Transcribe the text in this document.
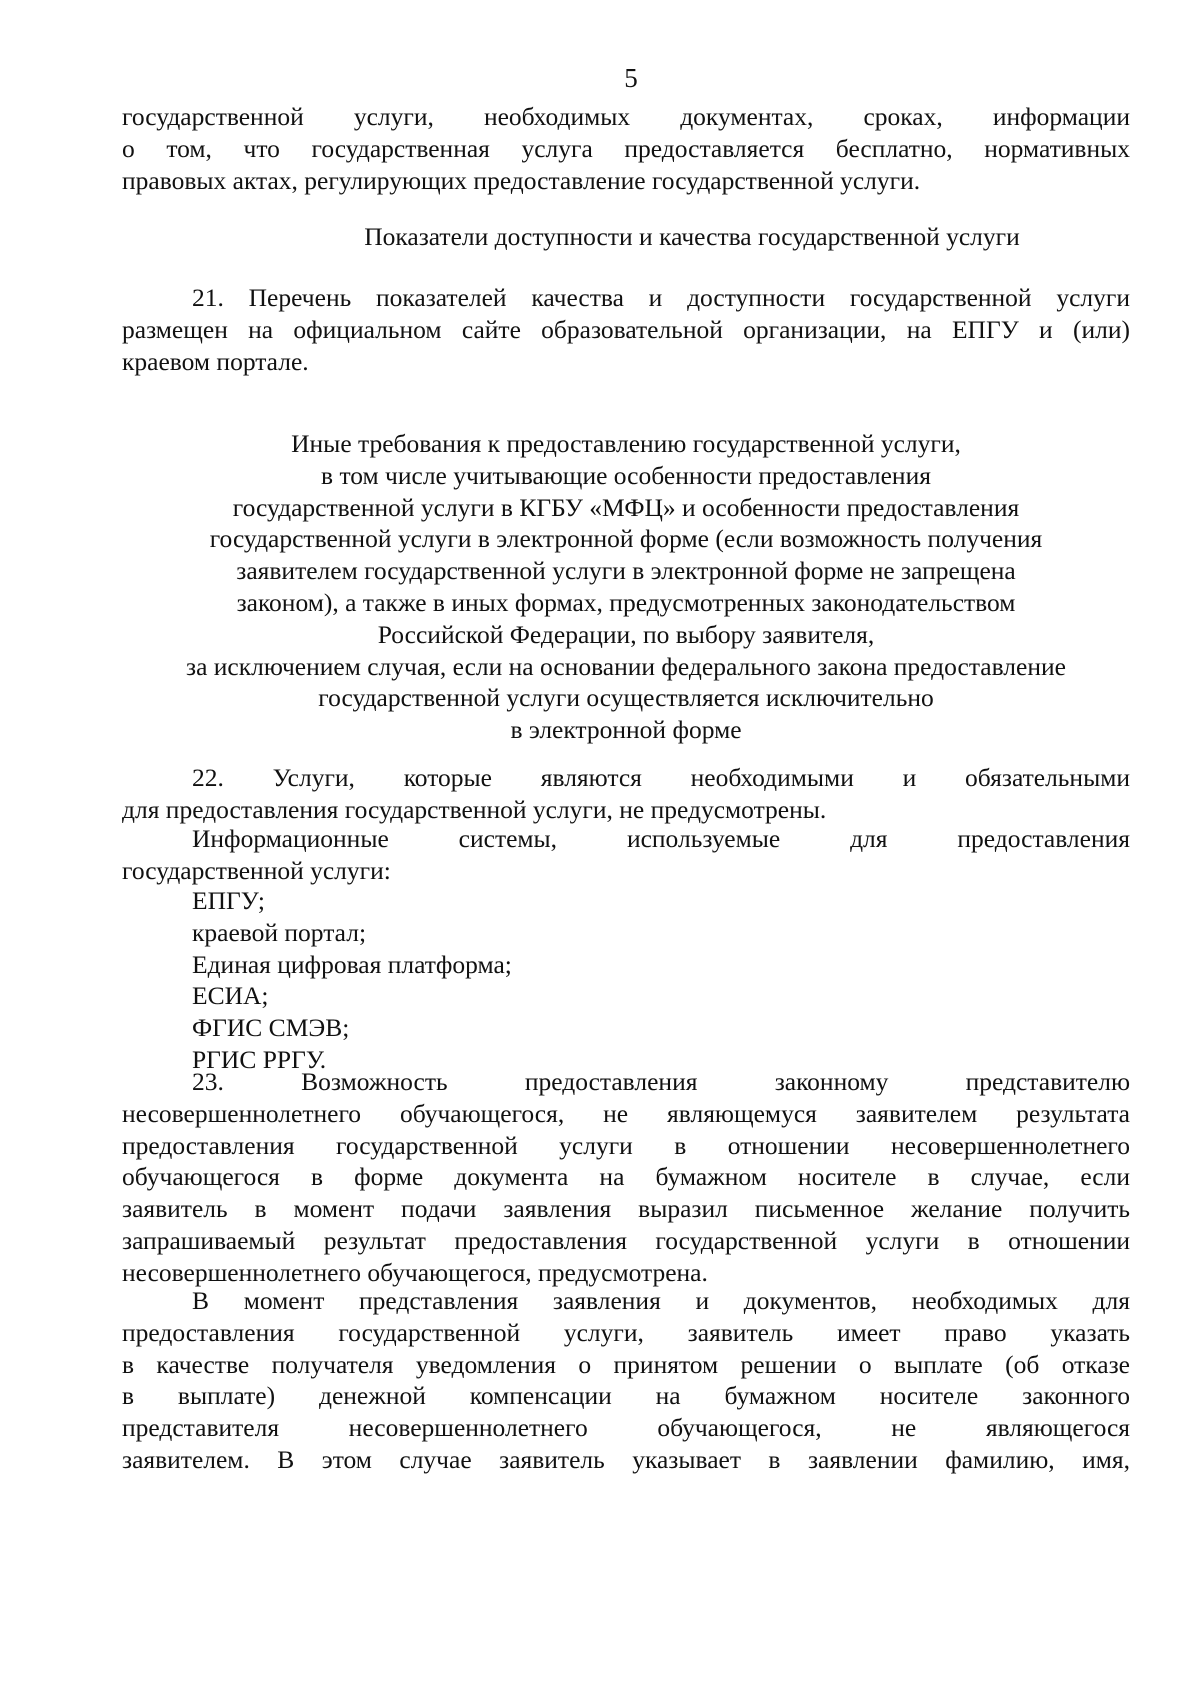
5
государственной услуги, необходимых документах, сроках, информации
о том, что государственная услуга предоставляется бесплатно, нормативных
правовых актах, регулирующих предоставление государственной услуги.
Показатели доступности и качества государственной услуги
21. Перечень показателей качества и доступности государственной услуги
размещен на официальном сайте образовательной организации, на ЕПГУ и (или)
краевом портале.
Иные требования к предоставлению государственной услуги,
в том числе учитывающие особенности предоставления
государственной услуги в КГБУ «МФЦ» и особенности предоставления
государственной услуги в электронной форме (если возможность получения
заявителем государственной услуги в электронной форме не запрещена
законом), а также в иных формах, предусмотренных законодательством
Российской Федерации, по выбору заявителя,
за исключением случая, если на основании федерального закона предоставление
государственной услуги осуществляется исключительно
в электронной форме
22. Услуги, которые являются необходимыми и обязательными
для предоставления государственной услуги, не предусмотрены.
Информационные системы, используемые для предоставления
государственной услуги:
ЕПГУ;
краевой портал;
Единая цифровая платформа;
ЕСИА;
ФГИС СМЭВ;
РГИС РРГУ.
23. Возможность предоставления законному представителю
несовершеннолетнего обучающегося, не являющемуся заявителем результата
предоставления государственной услуги в отношении несовершеннолетнего
обучающегося в форме документа на бумажном носителе в случае, если
заявитель в момент подачи заявления выразил письменное желание получить
запрашиваемый результат предоставления государственной услуги в отношении
несовершеннолетнего обучающегося, предусмотрена.
В момент представления заявления и документов, необходимых для
предоставления государственной услуги, заявитель имеет право указать
в качестве получателя уведомления о принятом решении о выплате (об отказе
в выплате) денежной компенсации на бумажном носителе законного
представителя несовершеннолетнего обучающегося, не являющегося
заявителем. В этом случае заявитель указывает в заявлении фамилию, имя,
